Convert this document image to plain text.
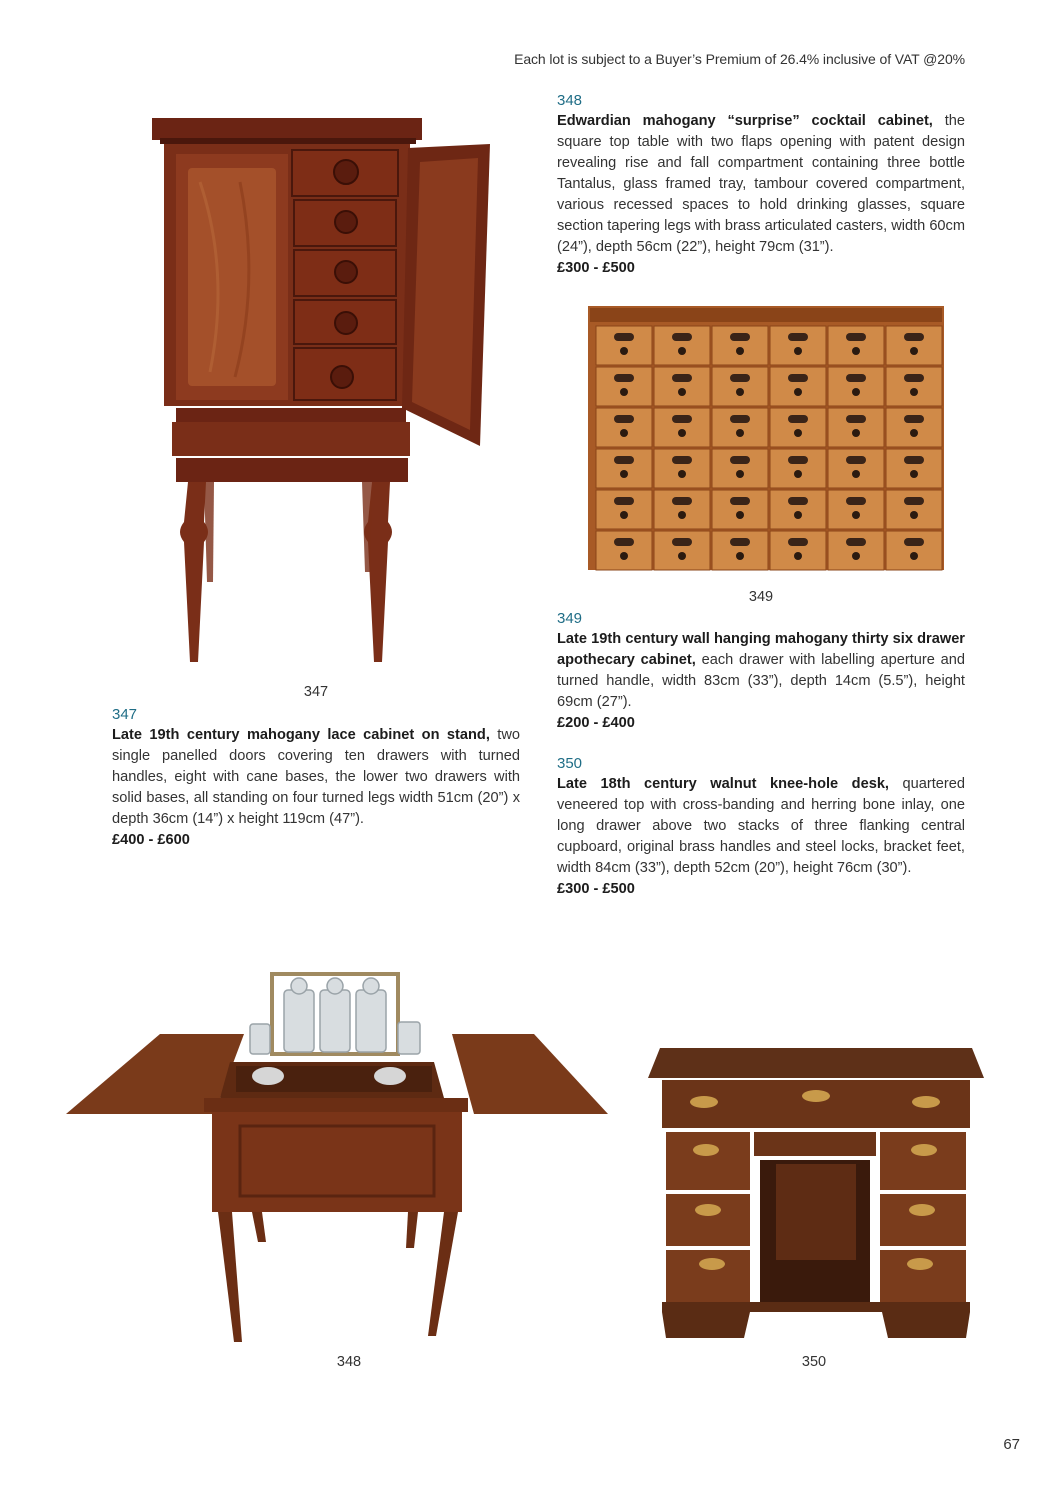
Each lot is subject to a Buyer’s Premium of 26.4% inclusive of VAT @20%
347
347
Late 19th century mahogany lace cabinet on stand, two single panelled doors covering ten drawers with turned handles, eight with cane bases, the lower two drawers with solid bases, all standing on four turned legs width 51cm (20”) x depth 36cm (14”) x height 119cm (47”).
£400 - £600
348
Edwardian mahogany “surprise” cocktail cabinet, the square top table with two flaps opening with patent design revealing rise and fall compartment containing three bottle Tantalus, glass framed tray, tambour covered compartment, various recessed spaces to hold drinking glasses, square section tapering legs with brass articulated casters, width 60cm (24”), depth 56cm (22”), height 79cm (31”).
£300 - £500
349
349
Late 19th century wall hanging mahogany thirty six drawer apothecary cabinet, each drawer with labelling aperture and turned handle, width 83cm (33”), depth 14cm (5.5”), height 69cm (27”).
£200 - £400
350
Late 18th century walnut knee-hole desk, quartered veneered top with cross-banding and herring bone inlay, one long drawer above two stacks of three flanking central cupboard, original brass handles and steel locks, bracket feet, width 84cm (33”), depth 52cm (20”), height 76cm (30”).
£300 - £500
348	350
67
